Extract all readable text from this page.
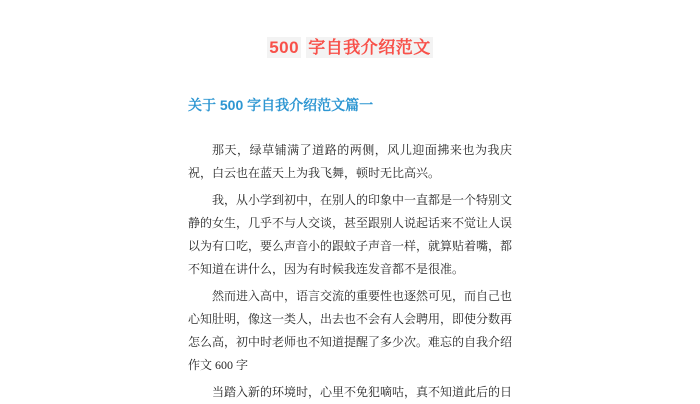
500 字自我介绍范文
关于 500 字自我介绍范文篇一

那天，绿草铺满了道路的两侧，风儿迎面拂来也为我庆祝，白云也在蓝天上为我飞舞，顿时无比高兴。

我，从小学到初中，在别人的印象中一直都是一个特别文静的女生，几乎不与人交谈，甚至跟别人说起话来不觉让人误以为有口吃，要么声音小的跟蚊子声音一样，就算贴着嘴，都不知道在讲什么，因为有时候我连发音都不是很准。

然而进入高中，语言交流的重要性也逐然可见，而自己也心知肚明，像这一类人，出去也不会有人会聘用，即使分数再怎么高，初中时老师也不知道提醒了多少次。难忘的自我介绍作文 600 字

当踏入新的环境时，心里不免犯嘀咕，真不知道此后的日
